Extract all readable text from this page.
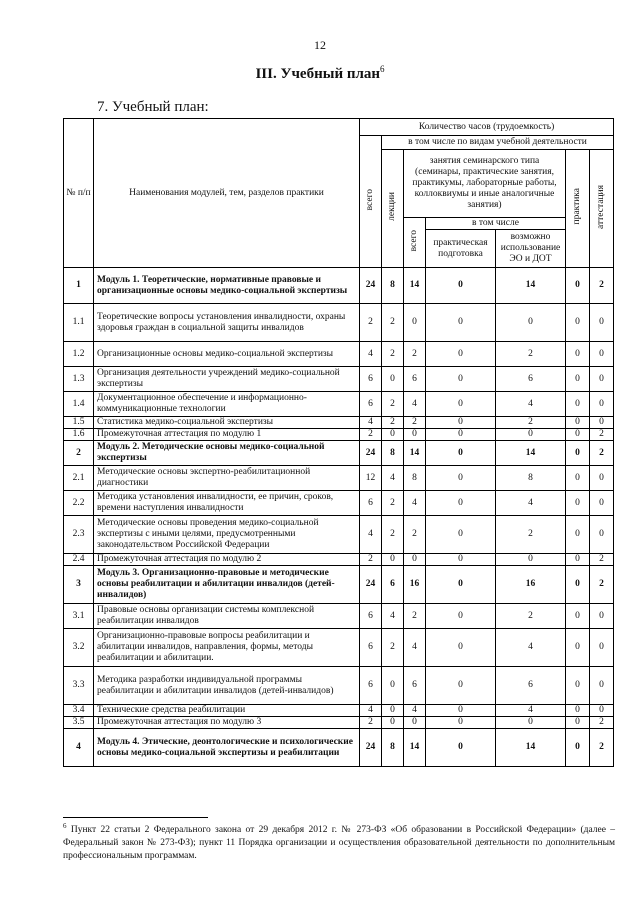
12
III. Учебный план$^6$
7. Учебный план:
№ п/п	Наименования модулей, тем, разделов практики	Количество часов (трудоемкость)						
		всего	в том числе по видам учебной деятельности					
			лекции	занятия семинарского типа (семинары, практические занятия, практикумы, лабораторные работы, коллоквиумы и иные аналогичные занятия)			практика	аттестация
				всего	в том числе			
					практическая подготовка	возможно использование ЭО и ДОТ		
1	Модуль 1. Теоретические, нормативные правовые и организационные основы медико-социальной экспертизы	24	8	14	0	14	0	2
1.1	Теоретические вопросы установления инвалидности, охраны здоровья граждан в социальной защиты инвалидов	2	2	0	0	0	0	0
1.2	Организационные основы медико-социальной экспертизы	4	2	2	0	2	0	0
1.3	Организация деятельности учреждений медико-социальной экспертизы	6	0	6	0	6	0	0
1.4	Документационное обеспечение и информационно-коммуникационные технологии	6	2	4	0	4	0	0
1.5	Статистика медико-социальной экспертизы	4	2	2	0	2	0	0
1.6	Промежуточная аттестация по модулю 1	2	0	0	0	0	0	2
2	Модуль 2. Методические основы медико-социальной экспертизы	24	8	14	0	14	0	2
2.1	Методические основы экспертно-реабилитационной диагностики	12	4	8	0	8	0	0
2.2	Методика установления инвалидности, ее причин, сроков, времени наступления инвалидности	6	2	4	0	4	0	0
2.3	Методические основы проведения медико-социальной экспертизы с иными целями, предусмотренными законодательством Российской Федерации	4	2	2	0	2	0	0
2.4	Промежуточная аттестация по модулю 2	2	0	0	0	0	0	2
3	Модуль 3. Организационно-правовые и методические основы реабилитации и абилитации инвалидов (детей-инвалидов)	24	6	16	0	16	0	2
3.1	Правовые основы организации системы комплексной реабилитации инвалидов	6	4	2	0	2	0	0
3.2	Организационно-правовые вопросы реабилитации и абилитации инвалидов, направления, формы, методы реабилитации и абилитации.	6	2	4	0	4	0	0
3.3	Методика разработки индивидуальной программы реабилитации и абилитации инвалидов (детей-инвалидов)	6	0	6	0	6	0	0
3.4	Технические средства реабилитации	4	0	4	0	4	0	0
3.5	Промежуточная аттестация по модулю 3	2	0	0	0	0	0	2
4	Модуль 4. Этические, деонтологические и психологические основы медико-социальной экспертизы и реабилитации	24	8	14	0	14	0	2
$^6$ Пункт 22 статьи 2 Федерального закона от 29 декабря 2012 г. № 273-ФЗ «Об образовании в Российской Федерации» (далее – Федеральный закон № 273-ФЗ); пункт 11 Порядка организации и осуществления образовательной деятельности по дополнительным профессиональным программам.
